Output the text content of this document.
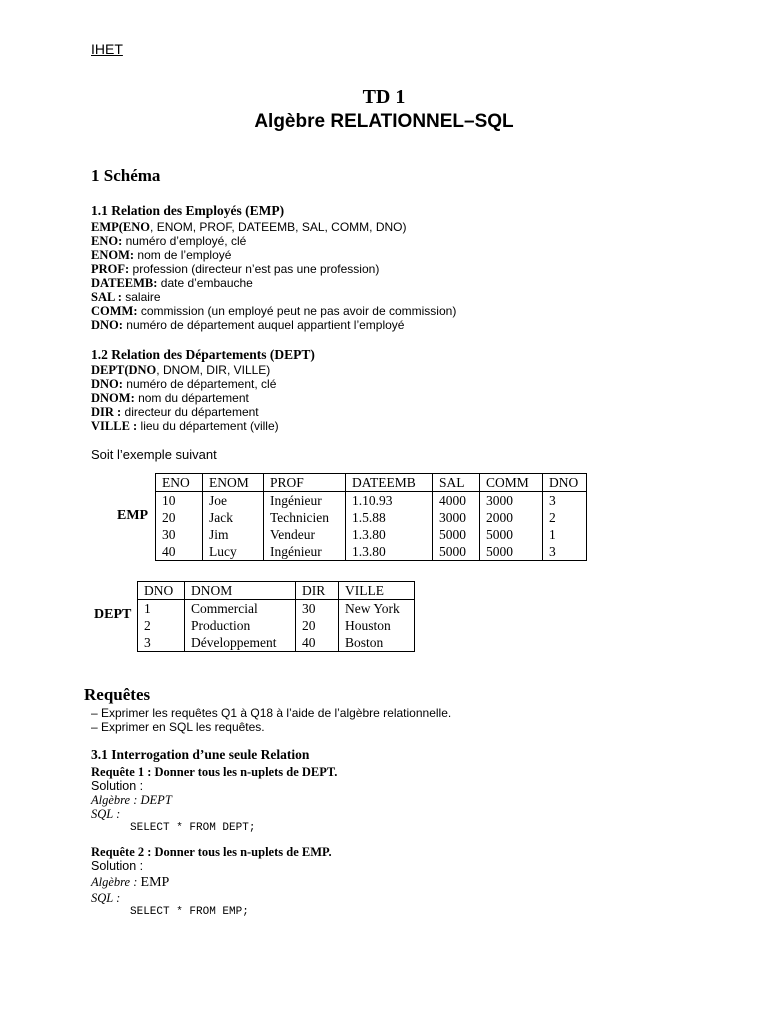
IHET
TD 1
Algèbre RELATIONNEL–SQL
1 Schéma
1.1 Relation des Employés (EMP)
EMP(ENO, ENOM, PROF, DATEEMB, SAL, COMM, DNO)
ENO: numéro d’employé, clé
ENOM: nom de l’employé
PROF: profession (directeur n’est pas une profession)
DATEEMB: date d’embauche
SAL : salaire
COMM: commission (un employé peut ne pas avoir de commission)
DNO: numéro de département auquel appartient l’employé
1.2 Relation des Départements (DEPT)
DEPT(DNO, DNOM, DIR, VILLE)
DNO: numéro de département, clé
DNOM: nom du département
DIR : directeur du département
VILLE : lieu du département (ville)
Soit l’exemple suivant
EMP
ENO	ENOM	PROF	DATEEMB	SAL	COMM	DNO
10	Joe	Ingénieur	1.10.93	4000	3000	3
20	Jack	Technicien	1.5.88	3000	2000	2
30	Jim	Vendeur	1.3.80	5000	5000	1
40	Lucy	Ingénieur	1.3.80	5000	5000	3
DEPT
DNO	DNOM	DIR	VILLE
1	Commercial	30	New York
2	Production	20	Houston
3	Développement	40	Boston
Requêtes
– Exprimer les requêtes Q1 à Q18 à l’aide de l’algèbre relationnelle.
– Exprimer en SQL les requêtes.
3.1 Interrogation d’une seule Relation
Requête 1 : Donner tous les n-uplets de DEPT.
Solution :
Algèbre : DEPT
SQL :
SELECT * FROM DEPT;
Requête 2 : Donner tous les n-uplets de EMP.
Solution :
Algèbre : EMP
SQL :
SELECT * FROM EMP;
